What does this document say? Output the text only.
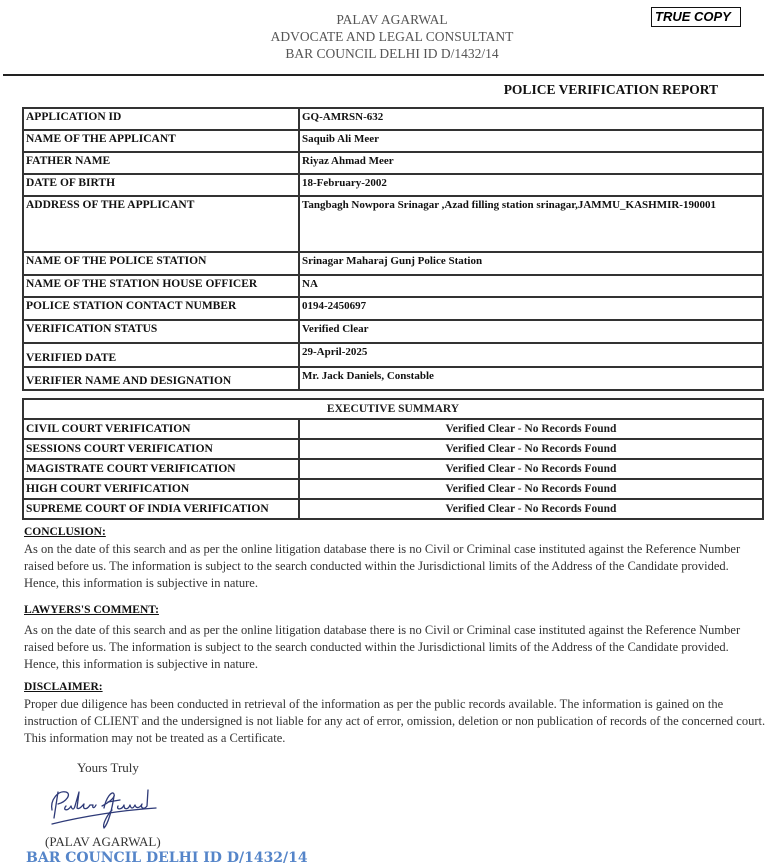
PALAV AGARWAL
ADVOCATE AND LEGAL CONSULTANT
BAR COUNCIL DELHI ID D/1432/14
TRUE COPY
POLICE VERIFICATION REPORT
APPLICATION ID	GQ-AMRSN-632
NAME OF THE APPLICANT	Saquib Ali Meer
FATHER NAME	Riyaz Ahmad Meer
DATE OF BIRTH	18-February-2002
ADDRESS OF THE APPLICANT	Tangbagh Nowpora Srinagar ,Azad filling station srinagar,JAMMU_KASHMIR-190001
NAME OF THE POLICE STATION	Srinagar Maharaj Gunj Police Station
NAME OF THE STATION HOUSE OFFICER	NA
POLICE STATION CONTACT NUMBER	0194-2450697
VERIFICATION STATUS	Verified Clear
VERIFIED DATE	29-April-2025
VERIFIER NAME AND DESIGNATION	Mr. Jack Daniels, Constable
EXECUTIVE SUMMARY	
CIVIL COURT VERIFICATION	Verified Clear - No Records Found
SESSIONS COURT VERIFICATION	Verified Clear - No Records Found
MAGISTRATE COURT VERIFICATION	Verified Clear - No Records Found
HIGH COURT VERIFICATION	Verified Clear - No Records Found
SUPREME COURT OF INDIA VERIFICATION	Verified Clear - No Records Found
CONCLUSION:
As on the date of this search and as per the online litigation database there is no Civil or Criminal case instituted against the Reference Number raised before us. The information is subject to the search conducted within the Jurisdictional limits of the Address of the Candidate provided. Hence, this information is subjective in nature.
LAWYERS'S COMMENT:
As on the date of this search and as per the online litigation database there is no Civil or Criminal case instituted against the Reference Number raised before us. The information is subject to the search conducted within the Jurisdictional limits of the Address of the Candidate provided. Hence, this information is subjective in nature.
DISCLAIMER:
Proper due diligence has been conducted in retrieval of the information as per the public records available. The information is gained on the instruction of CLIENT and the undersigned is not liable for any act of error, omission, deletion or non publication of records of the concerned court. This information may not be treated as a Certificate.
Yours Truly
(PALAV AGARWAL)
BAR COUNCIL DELHI ID D/1432/14
